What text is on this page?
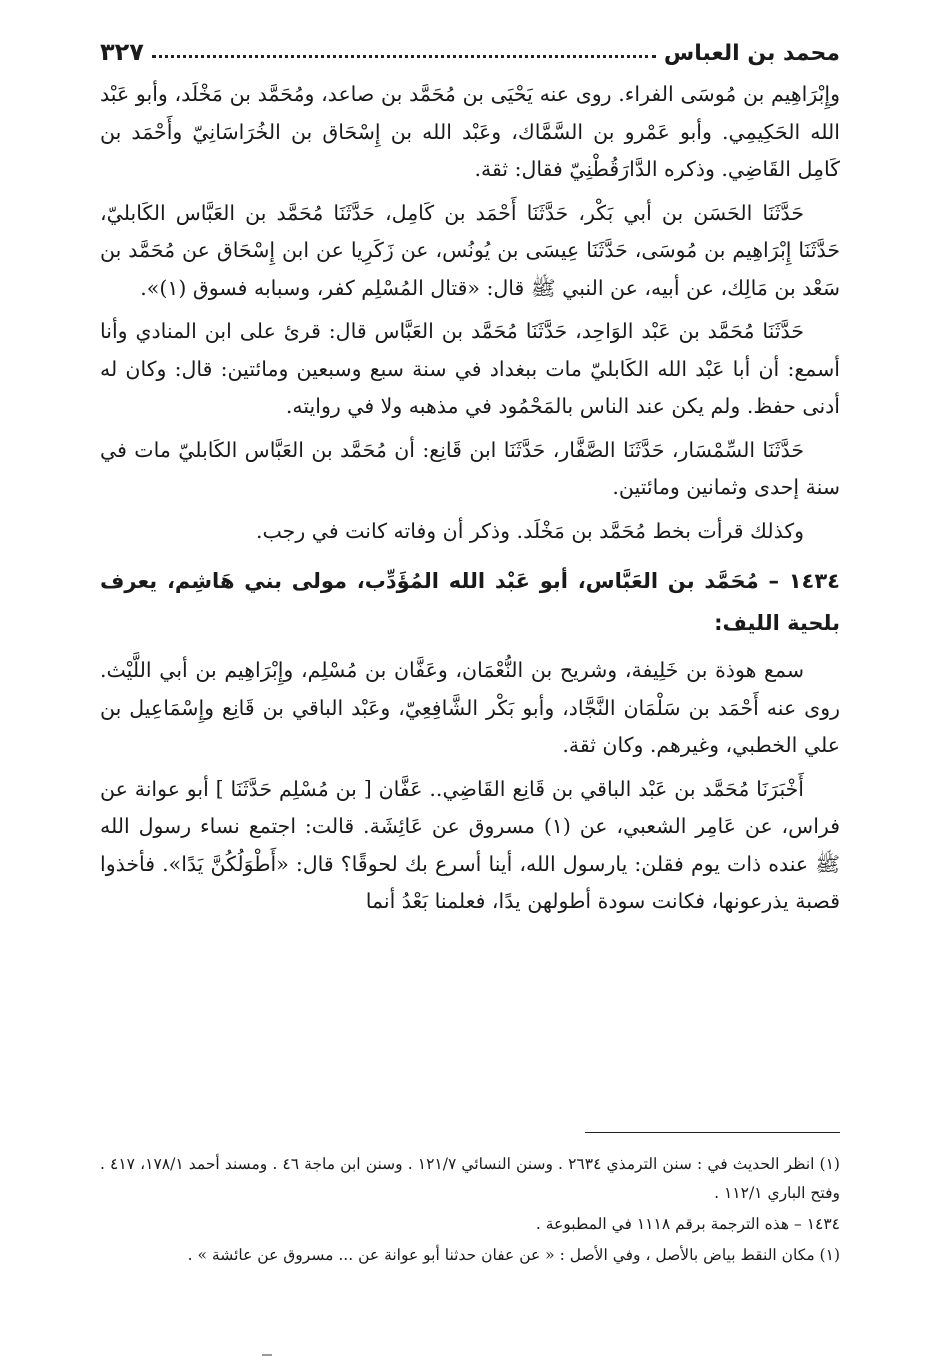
محمد بن العباس
٣٢٧

وإِبْرَاهِيم بن مُوسَى الفراء. روى عنه يَحْيَى بن مُحَمَّد بن صاعد، ومُحَمَّد بن مَخْلَد، وأبو عَبْد الله الحَكِيمِي. وأبو عَمْرو بن السَّمَّاك، وعَبْد الله بن إِسْحَاق بن الخُرَاسَانِيّ وأَحْمَد بن كَامِل القَاضِي. وذكره الدَّارَقُطْنِيّ فقال: ثقة.

حَدَّثَنَا الحَسَن بن أبي بَكْر، حَدَّثَنَا أَحْمَد بن كَامِل، حَدَّثَنَا مُحَمَّد بن العَبَّاس الكَابليّ، حَدَّثَنَا إِبْرَاهِيم بن مُوسَى، حَدَّثَنَا عِيسَى بن يُونُس، عن زَكَرِيا عن ابن إِسْحَاق عن مُحَمَّد بن سَعْد بن مَالِك، عن أبيه، عن النبي ﷺ قال: «قتال المُسْلِم كفر، وسبابه فسوق (١)».

حَدَّثَنَا مُحَمَّد بن عَبْد الوَاحِد، حَدَّثَنَا مُحَمَّد بن العَبَّاس قال: قرئ على ابن المنادي وأنا أسمع: أن أبا عَبْد الله الكَابليّ مات ببغداد في سنة سبع وسبعين ومائتين: قال: وكان له أدنى حفظ. ولم يكن عند الناس بالمَحْمُود في مذهبه ولا في روايته.

حَدَّثَنَا السِّمْسَار، حَدَّثَنَا الصَّفَّار، حَدَّثَنَا ابن قَانِع: أن مُحَمَّد بن العَبَّاس الكَابليّ مات في سنة إحدى وثمانين ومائتين.

وكذلك قرأت بخط مُحَمَّد بن مَخْلَد. وذكر أن وفاته كانت في رجب.

١٤٣٤ – مُحَمَّد بن العَبَّاس، أبو عَبْد الله المُؤَدِّب، مولى بني هَاشِم، يعرف بلحية الليف:

سمع هوذة بن خَلِيفة، وشريح بن النُّعْمَان، وعَفَّان بن مُسْلِم، وإِبْرَاهِيم بن أبي اللَّيْث. روى عنه أَحْمَد بن سَلْمَان النَّجَّاد، وأبو بَكْر الشَّافِعِيّ، وعَبْد الباقي بن قَانِع وإِسْمَاعِيل بن علي الخطبي، وغيرهم. وكان ثقة.

أَخْبَرَنَا مُحَمَّد بن عَبْد الباقي بن قَانِع القَاضِي.. عَفَّان [ بن مُسْلِم حَدَّثَنَا ] أبو عوانة عن فراس، عن عَامِر الشعبي، عن (١) مسروق عن عَائِشَة. قالت: اجتمع نساء رسول الله ﷺ عنده ذات يوم فقلن: يارسول الله، أينا أسرع بك لحوقًا؟ قال: «أَطْوَلُكُنَّ يَدًا». فأخذوا قصبة يذرعونها، فكانت سودة أطولهن يدًا، فعلمنا بَعْدُ أنما

(١) انظر الحديث في : سنن الترمذي ٢٦٣٤ . وسنن النسائي ١٢١/٧ . وسنن ابن ماجة ٤٦ . ومسند أحمد ١٧٨/١، ٤١٧ . وفتح الباري ١١٢/١ .

١٤٣٤ – هذه الترجمة برقم ١١١٨ في المطبوعة .

(١) مكان النقط بياض بالأصل ، وفي الأصل : « عن عفان حدثنا أبو عوانة عن ... مسروق عن عائشة » .
